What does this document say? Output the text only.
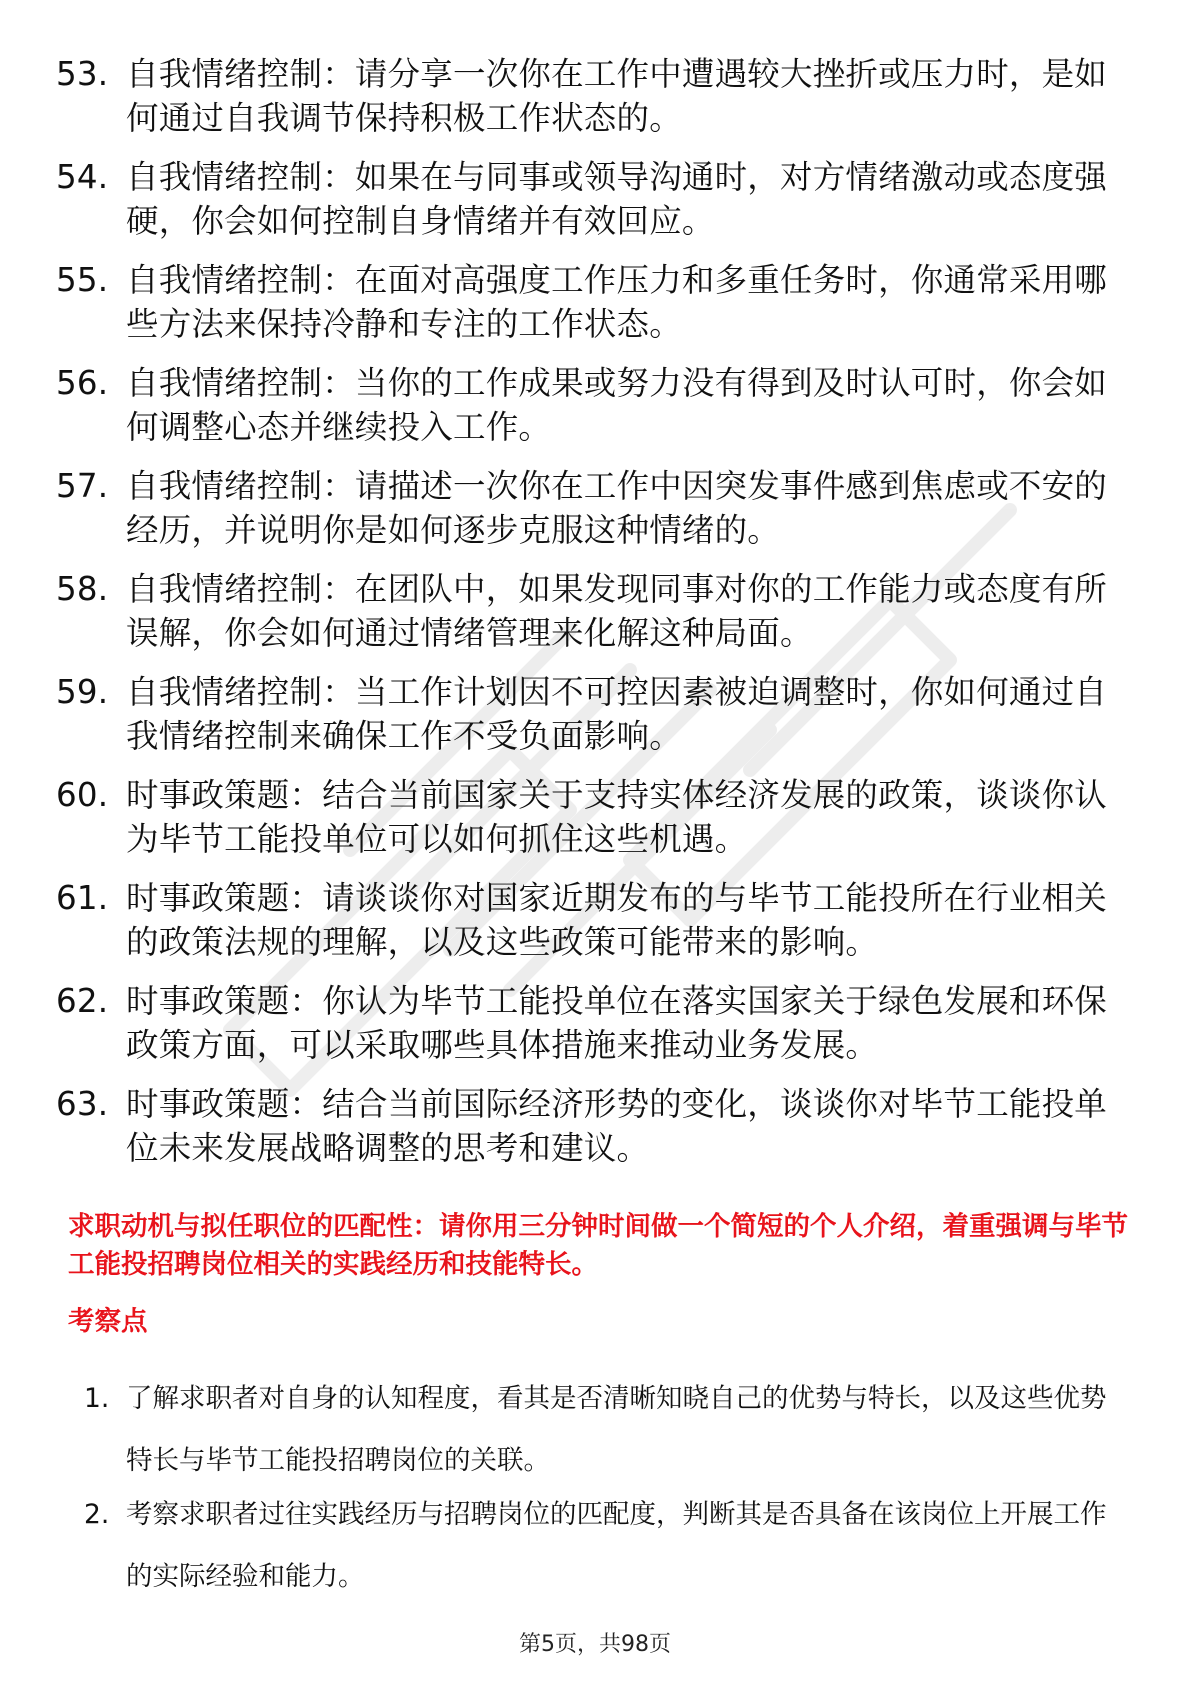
53. 自我情绪控制：请分享一次你在工作中遭遇较大挫折或压力时，是如何通过自我调节保持积极工作状态的。
54. 自我情绪控制：如果在与同事或领导沟通时，对方情绪激动或态度强硬，你会如何控制自身情绪并有效回应。
55. 自我情绪控制：在面对高强度工作压力和多重任务时，你通常采用哪些方法来保持冷静和专注的工作状态。
56. 自我情绪控制：当你的工作成果或努力没有得到及时认可时，你会如何调整心态并继续投入工作。
57. 自我情绪控制：请描述一次你在工作中因突发事件感到焦虑或不安的经历，并说明你是如何逐步克服这种情绪的。
58. 自我情绪控制：在团队中，如果发现同事对你的工作能力或态度有所误解，你会如何通过情绪管理来化解这种局面。
59. 自我情绪控制：当工作计划因不可控因素被迫调整时，你如何通过自我情绪控制来确保工作不受负面影响。
60. 时事政策题：结合当前国家关于支持实体经济发展的政策，谈谈你认为毕节工能投单位可以如何抓住这些机遇。
61. 时事政策题：请谈谈你对国家近期发布的与毕节工能投所在行业相关的政策法规的理解，以及这些政策可能带来的影响。
62. 时事政策题：你认为毕节工能投单位在落实国家关于绿色发展和环保政策方面，可以采取哪些具体措施来推动业务发展。
63. 时事政策题：结合当前国际经济形势的变化，谈谈你对毕节工能投单位未来发展战略调整的思考和建议。
求职动机与拟任职位的匹配性：请你用三分钟时间做一个简短的个人介绍，着重强调与毕节工能投招聘岗位相关的实践经历和技能特长。
考察点
1. 了解求职者对自身的认知程度，看其是否清晰知晓自己的优势与特长，以及这些优势特长与毕节工能投招聘岗位的关联。
2. 考察求职者过往实践经历与招聘岗位的匹配度，判断其是否具备在该岗位上开展工作的实际经验和能力。
第5页，共98页
